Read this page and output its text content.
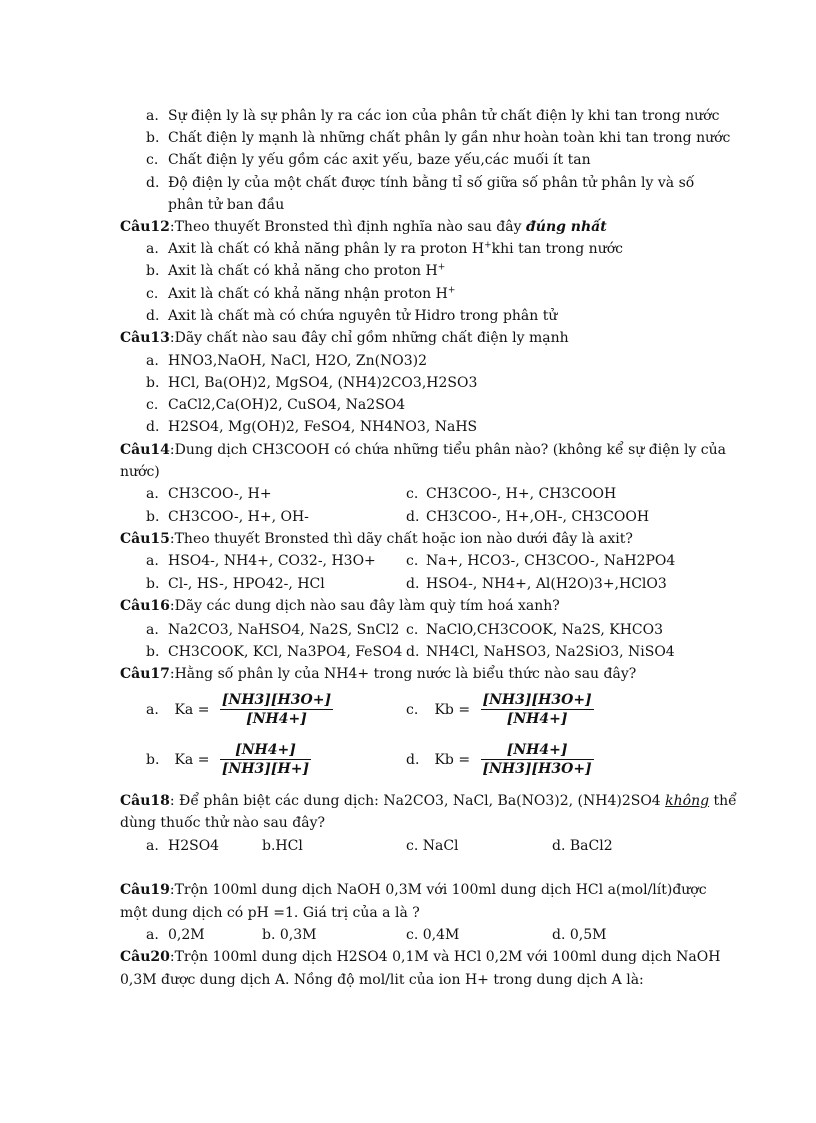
a. Sự điện ly là sự phân ly ra các ion của phân tử chất điện ly khi tan trong nước
b. Chất điện ly mạnh là những chất phân ly gần như hoàn toàn khi tan trong nước
c. Chất điện ly yếu gồm các axit yếu, baze yếu,các muối ít tan
d. Độ điện ly của một chất được tính bằng tỉ số giữa số phân tử phân ly và số
phân tử ban đầu
Câu12:Theo thuyết Bronsted thì định nghĩa nào sau đây đúng nhất
a. Axit là chất có khả năng phân ly ra proton H+khi tan trong nước
b. Axit là chất có khả năng cho proton H+
c. Axit là chất có khả năng nhận proton H+
d. Axit là chất mà có chứa nguyên tử Hidro trong phân tử
Câu13:Dãy chất nào sau đây chỉ gồm những chất điện ly mạnh
a. HNO3,NaOH, NaCl, H2O, Zn(NO3)2
b. HCl, Ba(OH)2, MgSO4, (NH4)2CO3,H2SO3
c. CaCl2,Ca(OH)2, CuSO4, Na2SO4
d. H2SO4, Mg(OH)2, FeSO4, NH4NO3, NaHS
Câu14:Dung dịch CH3COOH có chứa những tiểu phân nào? (không kể sự điện ly của
nước)
a. CH3COO-, H+	c. CH3COO-, H+, CH3COOH
b. CH3COO-, H+, OH-	d. CH3COO-, H+,OH-, CH3COOH
Câu15:Theo thuyết Bronsted thì dãy chất hoặc ion nào dưới đây là axit?
a. HSO4-, NH4+, CO32-, H3O+ c. Na+, HCO3-, CH3COO-, NaH2PO4
b. Cl-, HS-, HPO42-, HCl	d. HSO4-, NH4+, Al(H2O)3+,HClO3
Câu16:Dãy các dung dịch nào sau đây làm quỳ tím hoá xanh?
a. Na2CO3, NaHSO4, Na2S, SnCl2 c. NaClO,CH3COOK, Na2S, KHCO3
b. CH3COOK, KCl, Na3PO4, FeSO4 d. NH4Cl, NaHSO3, Na2SiO3, NiSO4
Câu17:Hằng số phân ly của NH4+ trong nước là biểu thức nào sau đây?
a. $Ka = \frac{[NH3][H3O+]}{[NH4+]}$	c. $Kb = \frac{[NH3][H3O+]}{[NH4+]}$
b. $Ka = \frac{[NH4+]}{[NH3][H+]}$	d. $Kb = \frac{[NH4+]}{[NH3][H3O+]}$
Câu18: Để phân biệt các dung dịch: Na2CO3, NaCl, Ba(NO3)2, (NH4)2SO4 không thể
dùng thuốc thử nào sau đây?
a. H2SO4	b.HCl	c. NaCl	d. BaCl2
Câu19:Trộn 100ml dung dịch NaOH 0,3M với 100ml dung dịch HCl a(mol/lít)được
một dung dịch có pH =1. Giá trị của a là ?
a. 0,2M	b. 0,3M	c. 0,4M	d. 0,5M
Câu20:Trộn 100ml dung dịch H2SO4 0,1M và HCl 0,2M với 100ml dung dịch NaOH
0,3M được dung dịch A. Nồng độ mol/lit của ion H+ trong dung dịch A là:
